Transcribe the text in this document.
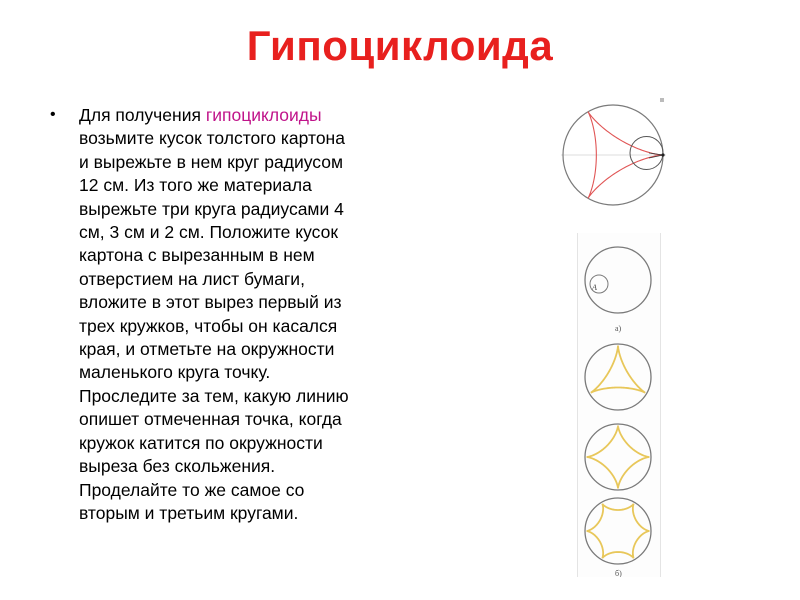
Гипоциклоида
• Для получения гипоциклоиды
возьмите кусок толстого картона
и вырежьте в нем круг радиусом
12 см. Из того же материала
вырежьте три круга радиусами 4
см, 3 см и 2 см. Положите кусок
картона с вырезанным в нем
отверстием на лист бумаги,
вложите в этот вырез первый из
трех кружков, чтобы он касался
края, и отметьте на окружности
маленького круга точку.
Проследите за тем, какую линию
опишет отмеченная точка, когда
кружок катится по окружности
выреза без скольжения.
Проделайте то же самое со
вторым и третьим кругами.
A
а)
б)
